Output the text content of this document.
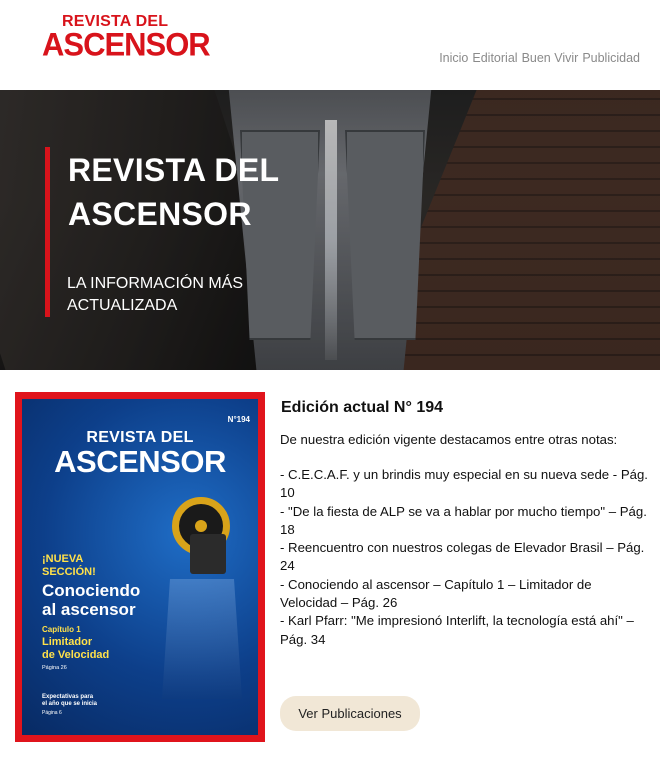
REVISTA DEL
ASCENSOR	Inicio Editorial Buen Vivir Publicidad
REVISTA DEL
ASCENSOR
LA INFORMACIÓN MÁS
ACTUALIZADA
N°194
REVISTA DEL
ASCENSOR
¡NUEVA
SECCIÓN!
Conociendo
al ascensor
Capítulo 1
Limitador
de Velocidad
Página 26
Expectativas para
el año que se inicia
Página 6
Edición actual N° 194

De nuestra edición vigente destacamos entre otras notas:

- C.E.C.A.F. y un brindis muy especial en su nueva sede - Pág. 10
- "De la fiesta de ALP se va a hablar por mucho tiempo" – Pág. 18
- Reencuentro con nuestros colegas de Elevador Brasil – Pág. 24
- Conociendo al ascensor – Capítulo 1 – Limitador de Velocidad – Pág. 26
- Karl Pfarr: "Me impresionó Interlift, la tecnología está ahí" – Pág. 34
Ver Publicaciones
